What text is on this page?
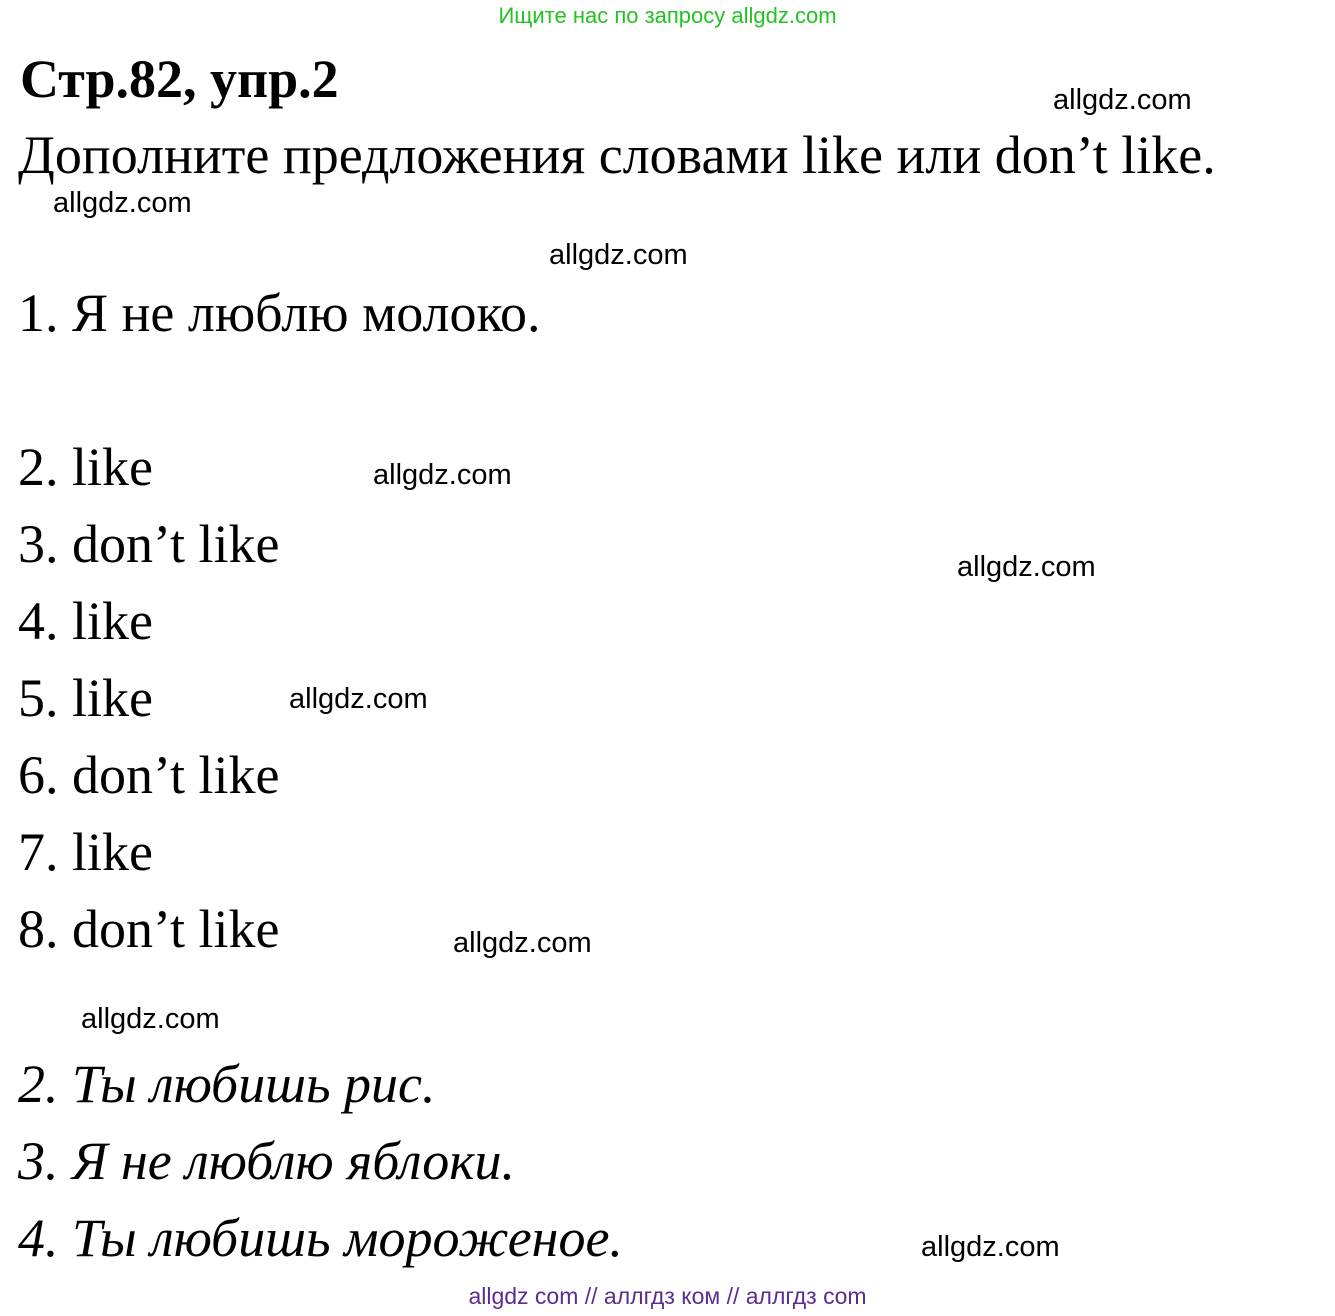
Ищите нас по запросу allgdz.com
Стр.82, упр.2
Дополните предложения словами like или don’t like.
1. Я не люблю молоко.
2. like
3. don’t like
4. like
5. like
6. don’t like
7. like
8. don’t like
2. Ты любишь рис.
3. Я не люблю яблоки.
4. Ты любишь мороженое.
allgdz.com
allgdz.com
allgdz.com
allgdz.com
allgdz.com
allgdz.com
allgdz.com
allgdz.com
allgdz.com
allgdz com // аллгдз ком // аллгдз com
